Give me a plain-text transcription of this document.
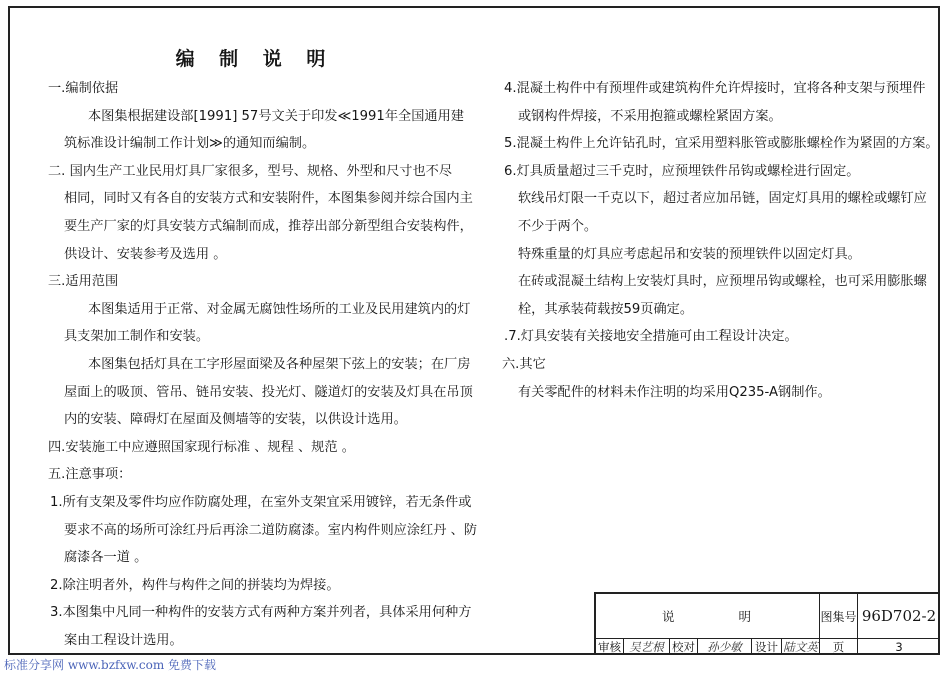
编 制 说 明

一.编制依据

本图集根据建设部[1991] 57号文关于印发≪1991年全国通用建

筑标准设计编制工作计划≫的通知而编制。

二. 国内生产工业民用灯具厂家很多，型号、规格、外型和尺寸也不尽

相同，同时又有各自的安装方式和安装附件，本图集参阅并综合国内主

要生产厂家的灯具安装方式编制而成，推荐出部分新型组合安装构件，

供设计、安装参考及选用 。

三.适用范围

本图集适用于正常、对金属无腐蚀性场所的工业及民用建筑内的灯

具支架加工制作和安装。

本图集包括灯具在工字形屋面梁及各种屋架下弦上的安装；在厂房

屋面上的吸顶、管吊、链吊安装、投光灯、隧道灯的安装及灯具在吊顶

内的安装、障碍灯在屋面及侧墙等的安装，以供设计选用。

四.安装施工中应遵照国家现行标准 、规程 、规范 。

五.注意事项：

1.所有支架及零件均应作防腐处理，在室外支架宜采用镀锌，若无条件或

要求不高的场所可涂红丹后再涂二道防腐漆。室内构件则应涂红丹 、防

腐漆各一道 。

2.除注明者外，构件与构件之间的拼装均为焊接。

3.本图集中凡同一种构件的安装方式有两种方案并列者，具体采用何种方

案由工程设计选用。

4.混凝土构件中有预埋件或建筑构件允许焊接时，宜将各种支架与预埋件

或钢构件焊接，不采用抱箍或螺栓紧固方案。

5.混凝土构件上允许钻孔时，宜采用塑料胀管或膨胀螺栓作为紧固的方案。

6.灯具质量超过三千克时，应预埋铁件吊钩或螺栓进行固定。

软线吊灯限一千克以下，超过者应加吊链，固定灯具用的螺栓或螺钉应

不少于两个。

特殊重量的灯具应考虑起吊和安装的预埋铁件以固定灯具。

在砖或混凝土结构上安装灯具时，应预埋吊钩或螺栓，也可采用膨胀螺

栓，其承装荷载按59页确定。

.7.灯具安装有关接地安全措施可由工程设计决定。

六.其它

有关零配件的材料未作注明的均采用Q235-A钢制作。

说 明	图集号 96D702-2
审核 吴艺根 校对	孙少敏	设计 陆文英	页	3
标准分享网 www.bzfxw.com 免费下载
